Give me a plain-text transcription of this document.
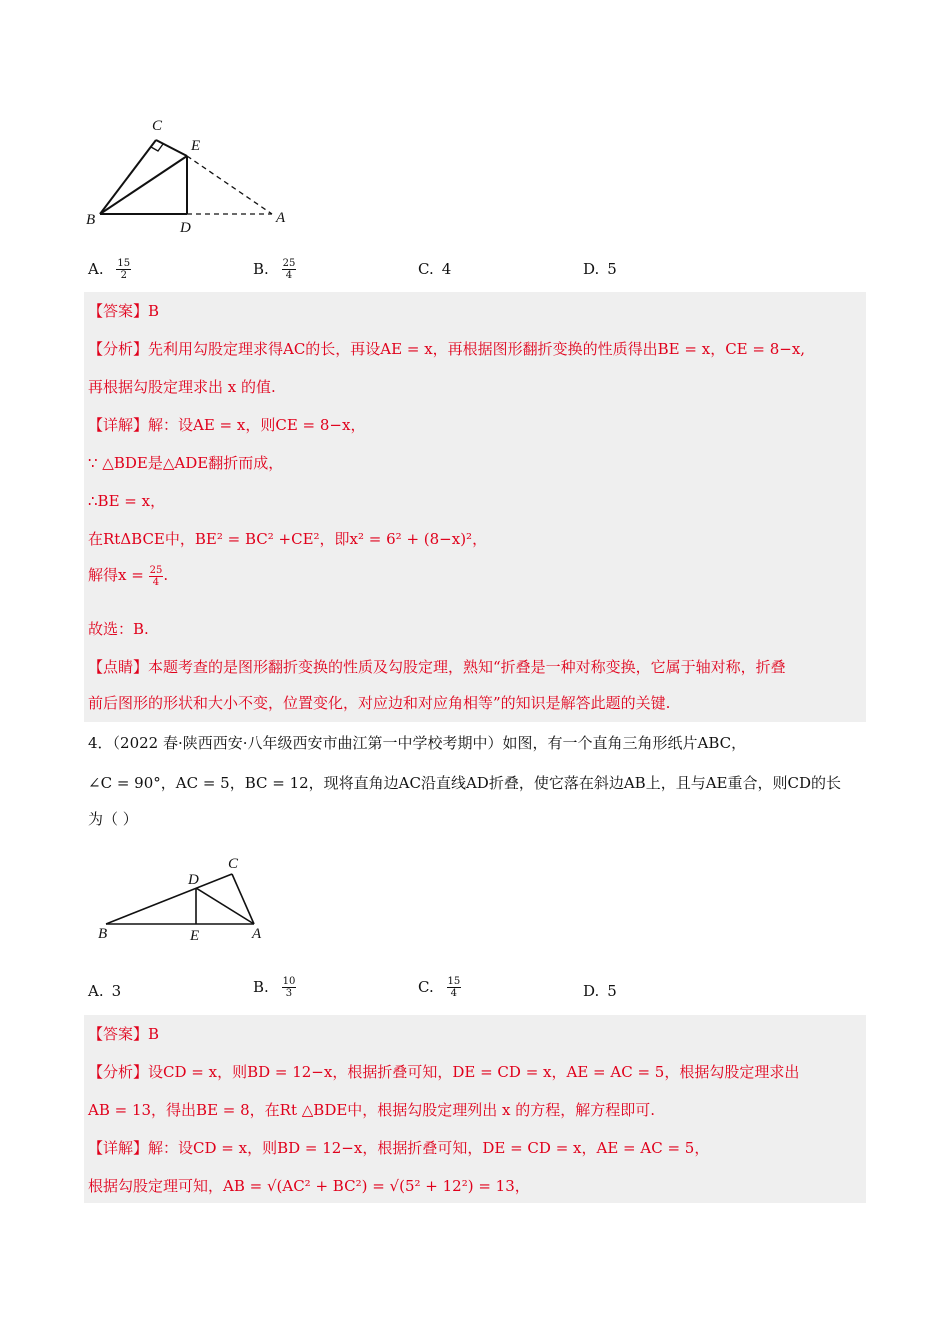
C
E
B	D
A
A. $\frac{15}{2}$	B. $\frac{25}{4}$	C. 4	D. 5
【答案】B
【分析】先利用勾股定理求得AC的长，再设AE = x，再根据图形翻折变换的性质得出BE = x，CE = 8−x,
再根据勾股定理求出 x 的值.
【详解】解：设AE = x，则CE = 8−x，
∵ △BDE是△ADE翻折而成，
∴BE = x，
在RtΔBCE中，BE² = BC² +CE²，即x² = 6² + (8−x)²，
解得$x = \frac{25}{4}$ .
故选：B.
【点睛】本题考查的是图形翻折变换的性质及勾股定理，熟知“折叠是一种对称变换，它属于轴对称，折叠
前后图形的形状和大小不变，位置变化，对应边和对应角相等”的知识是解答此题的关键.
4．（2022 春·陕西西安·八年级西安市曲江第一中学校考期中）如图，有一个直角三角形纸片ABC，
∠C = 90°，AC = 5，BC = 12，现将直角边AC沿直线AD折叠，使它落在斜边AB上，且与AE重合，则CD的长
为（ ）
C
D
B	E	A
A. 3	B. $\frac{10}{3}$	C. $\frac{15}{4}$	D. 5
【答案】B
【分析】设CD = x，则BD = 12−x，根据折叠可知，DE = CD = x，AE = AC = 5，根据勾股定理求出
AB = 13，得出BE = 8，在Rt △BDE中，根据勾股定理列出 x 的方程，解方程即可.
【详解】解：设CD = x，则BD = 12−x，根据折叠可知，DE = CD = x，AE = AC = 5，
根据勾股定理可知，AB = √(AC² + BC²) = √(5² + 12²) = 13，
